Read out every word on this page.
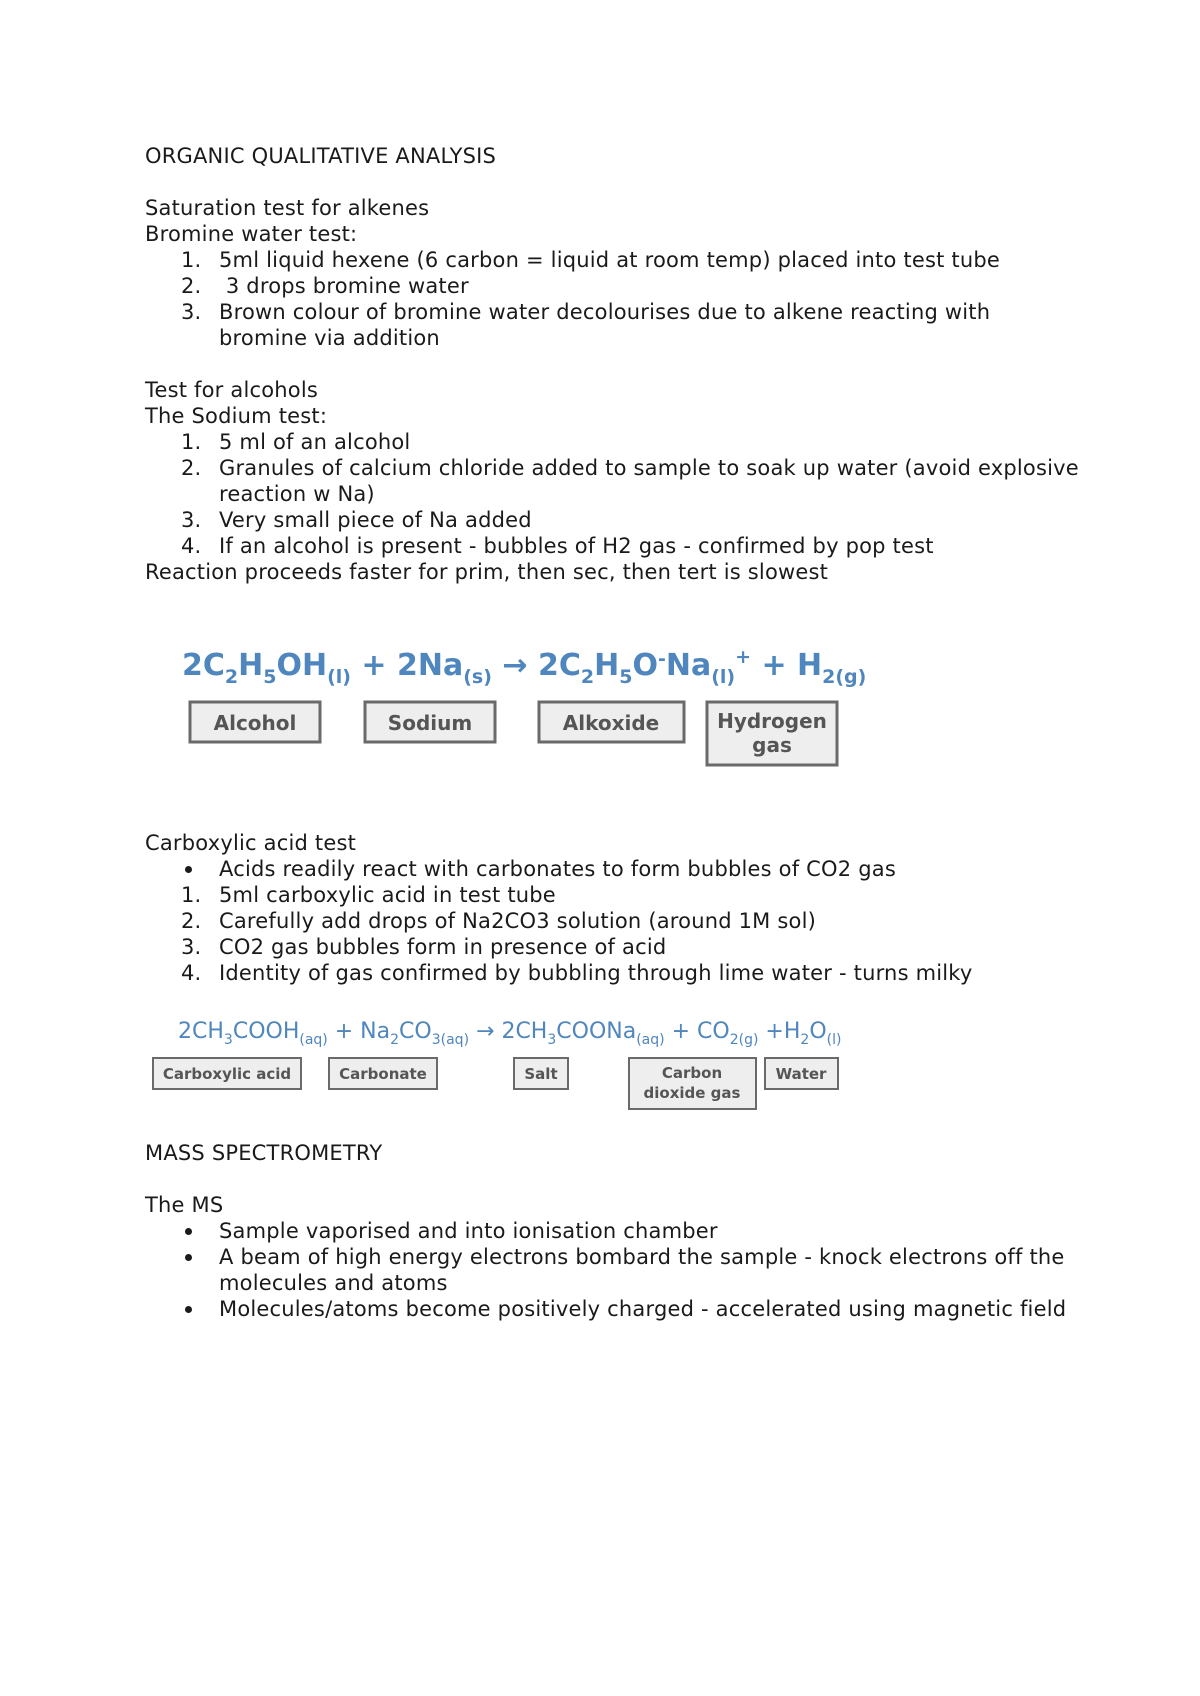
ORGANIC QUALITATIVE ANALYSIS
Saturation test for alkenes
Bromine water test:
1. 5ml liquid hexene (6 carbon = liquid at room temp) placed into test tube
2. 3 drops bromine water
3. Brown colour of bromine water decolourises due to alkene reacting with bromine via addition
Test for alcohols
The Sodium test:
1. 5 ml of an alcohol
2. Granules of calcium chloride added to sample to soak up water (avoid explosive reaction w Na)
3. Very small piece of Na added
4. If an alcohol is present - bubbles of H2 gas - confirmed by pop test
Reaction proceeds faster for prim, then sec, then tert is slowest
Carboxylic acid test
Acids readily react with carbonates to form bubbles of CO2 gas
1. 5ml carboxylic acid in test tube
2. Carefully add drops of Na2CO3 solution (around 1M sol)
3. CO2 gas bubbles form in presence of acid
4. Identity of gas confirmed by bubbling through lime water - turns milky
MASS SPECTROMETRY
The MS
Sample vaporised and into ionisation chamber
A beam of high energy electrons bombard the sample - knock electrons off the molecules and atoms
Molecules/atoms become positively charged - accelerated using magnetic field
$2C_2H_5OH_{(l)} + 2Na_{(s)} \to 2C_2H_5O^-Na_{(l)}^+ + H_{2(g)}$
Alcohol	Sodium	Alkoxide	Hydrogen
gas
$2CH_3COOH_{(aq)} + Na_2CO_{3(aq)}$ → $2CH_3COONa_{(aq)} + CO_{2(g)} +H_2O_{(l)}$
Carboxylic acid	Carbonate	Salt	Carbon
dioxide gas
Water
